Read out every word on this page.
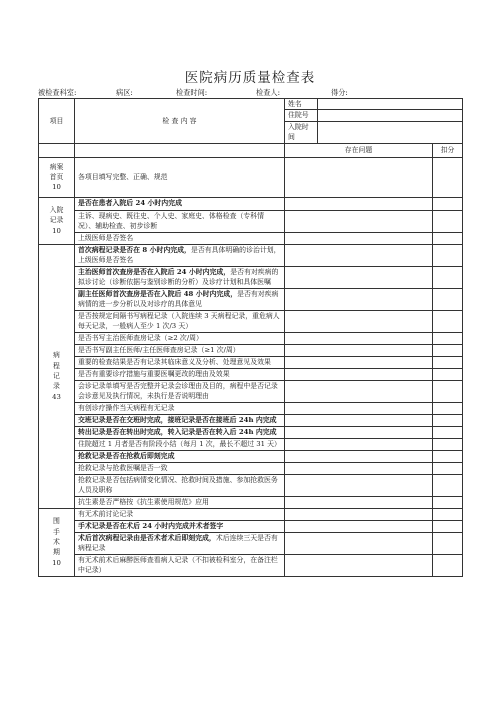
医院病历质量检查表
被检查科室:	病区:	检查时间:	检查人:	得分:
项目	检 查 内 容	姓名		
		住院号		
		入院时间		
		存在问题		扣分

病案
首页
10	各项目填写完整、正确、规范			

入院
记录
10	是否在患者入院后 24 小时内完成			
	主诉、现病史、既往史、个人史、家庭史、体格检查（专科情况）、辅助检查、初步诊断			
	上级医师是否签名			

病
程
记
录
43	首次病程记录是否在 8 小时内完成，是否有具体明确的诊治计划，上级医师是否签名			
	主治医师首次查房是否在入院后 24 小时内完成，是否有对疾病的拟诊讨论（诊断依据与鉴别诊断的分析）及诊疗计划和具体医嘱			
	副主任医师首次查房是否在入院后 48 小时内完成，是否有对疾病病情的进一步分析以及对诊疗的具体意见			
	是否按规定间隔书写病程记录（入院连续 3 天病程记录，重危病人每天记录，一般病人至少 1 次/3 天）			
	是否书写主治医师查房记录（≥2 次/周）			
	是否书写副主任医师/主任医师查房记录（≥1 次/周）			
	重要的检查结果是否有记录其临床意义及分析、处理意见及效果			
	是否有重要诊疗措施与重要医嘱更改的理由及效果			
	会诊记录单填写是否完整并记录会诊理由及目的，病程中是否记录会诊意见及执行情况，未执行是否说明理由			
	有创诊疗操作当天病程有无记录			
	交班记录是否在交班时完成，接班记录是否在接班后 24h 内完成			
	转出记录是否在转出时完成，转入记录是否在转入后 24h 内完成			
	住院超过 1 月者是否有阶段小结（每月 1 次，最长不超过 31 天）			
	抢救记录是否在抢救后即刻完成			
	抢救记录与抢救医嘱是否一致			
	抢救记录是否包括病情变化情况、抢救时间及措施、参加抢救医务人员及职称			
	抗生素是否严格按《抗生素使用规范》应用			

围
手
术
期
10	有无术前讨论记录			
	手术记录是否在术后 24 小时内完成并术者签字			
	术后首次病程记录由是否术者术后即刻完成，术后连续三天是否有病程记录			
	有无术前术后麻醉医师查看病人记录（不扣被检科室分，在备注栏中记录）			
